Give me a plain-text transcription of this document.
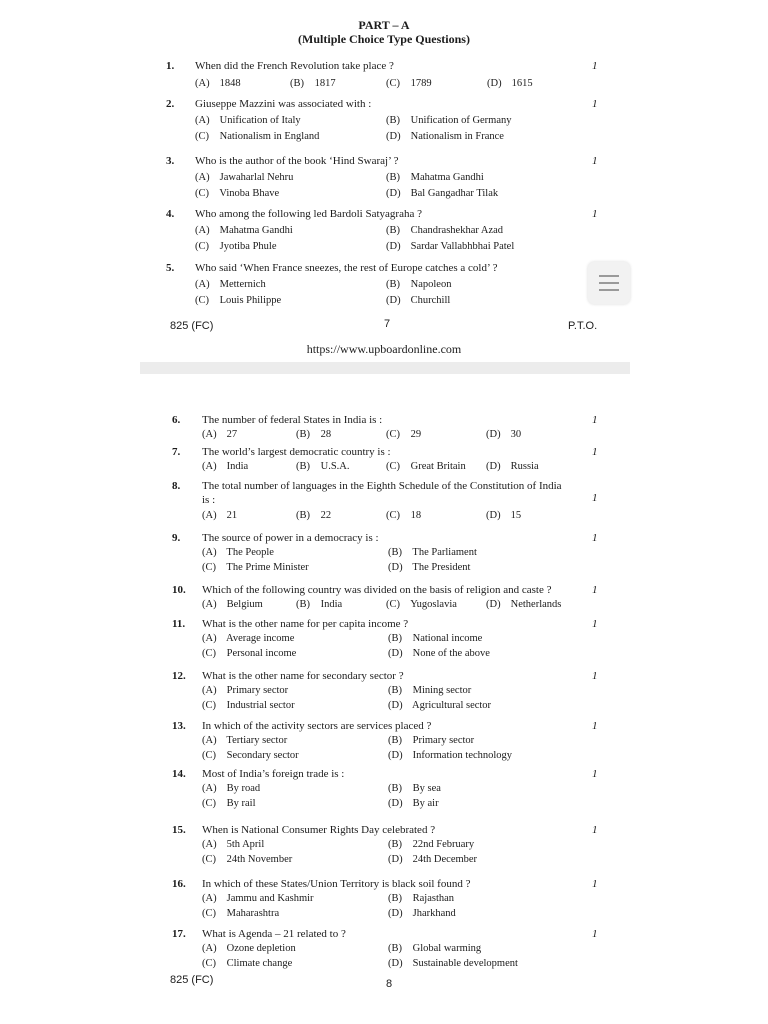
PART – A
(Multiple Choice Type Questions)
1. When did the French Revolution take place ?	1
(A) 1848	(B) 1817	(C) 1789	(D) 1615
2. Giuseppe Mazzini was associated with :	1
(A) Unification of Italy	(B) Unification of Germany
(C) Nationalism in England	(D) Nationalism in France
3. Who is the author of the book ‘Hind Swaraj’ ?	1
(A) Jawaharlal Nehru	(B) Mahatma Gandhi
(C) Vinoba Bhave	(D) Bal Gangadhar Tilak
4. Who among the following led Bardoli Satyagraha ?	1
(A) Mahatma Gandhi	(B) Chandrashekhar Azad
(C) Jyotiba Phule	(D) Sardar Vallabhbhai Patel
5. Who said ‘When France sneezes, the rest of Europe catches a cold’ ?
(A) Metternich	(B) Napoleon
(C) Louis Philippe	(D) Churchill
825 (FC)	7	P.T.O.
https://www.upboardonline.com
6. The number of federal States in India is :	1
(A) 27	(B) 28	(C) 29	(D) 30
7. The world’s largest democratic country is :	1
(A) India	(B) U.S.A.	(C) Great Britain (D) Russia
8. The total number of languages in the Eighth Schedule of the Constitution of India
is :	1
(A) 21	(B) 22	(C) 18	(D) 15
9. The source of power in a democracy is :	1
(A) The People	(B) The Parliament
(C) The Prime Minister	(D) The President
10. Which of the following country was divided on the basis of religion and caste ?	1
(A) Belgium	(B) India	(C) Yugoslavia	(D) Netherlands
11. What is the other name for per capita income ?	1
(A) Average income	(B) National income
(C) Personal income	(D) None of the above
12. What is the other name for secondary sector ?	1
(A) Primary sector	(B) Mining sector
(C) Industrial sector	(D) Agricultural sector
13. In which of the activity sectors are services placed ?	1
(A) Tertiary sector	(B) Primary sector
(C) Secondary sector	(D) Information technology
14. Most of India’s foreign trade is :	1
(A) By road	(B) By sea
(C) By rail	(D) By air
15. When is National Consumer Rights Day celebrated ?	1
(A) 5th April	(B) 22nd February
(C) 24th November	(D) 24th December
16. In which of these States/Union Territory is black soil found ?	1
(A) Jammu and Kashmir	(B) Rajasthan
(C) Maharashtra	(D) Jharkhand
17. What is Agenda – 21 related to ?	1
(A) Ozone depletion	(B) Global warming
(C) Climate change	(D) Sustainable development
825 (FC)	8
